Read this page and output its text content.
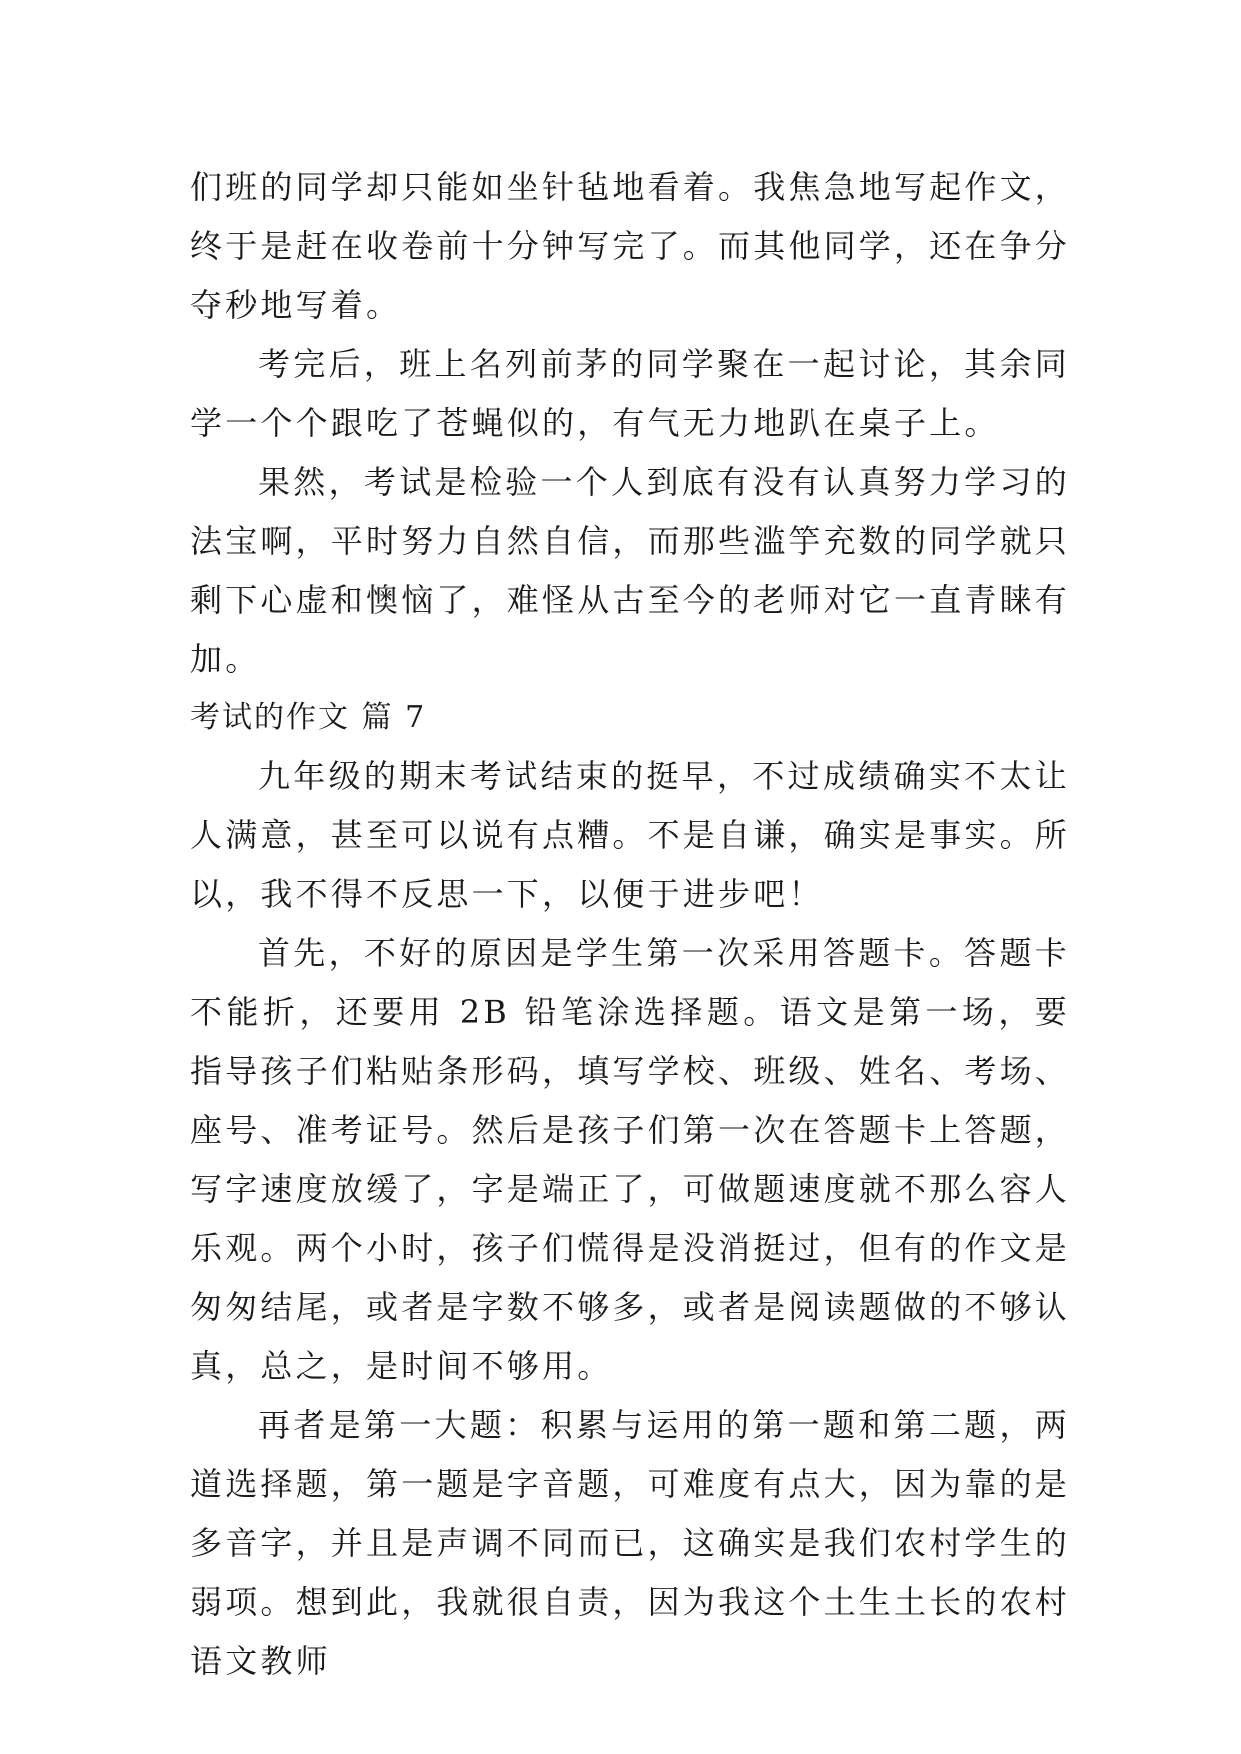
们班的同学却只能如坐针毡地看着。我焦急地写起作文，终于是赶在收卷前十分钟写完了。而其他同学，还在争分夺秒地写着。

考完后，班上名列前茅的同学聚在一起讨论，其余同学一个个跟吃了苍蝇似的，有气无力地趴在桌子上。

果然，考试是检验一个人到底有没有认真努力学习的法宝啊，平时努力自然自信，而那些滥竽充数的同学就只剩下心虚和懊恼了，难怪从古至今的老师对它一直青睐有加。

考试的作文 篇 7

九年级的期末考试结束的挺早，不过成绩确实不太让人满意，甚至可以说有点糟。不是自谦，确实是事实。所以，我不得不反思一下，以便于进步吧！

首先，不好的原因是学生第一次采用答题卡。答题卡不能折，还要用 2B 铅笔涂选择题。语文是第一场，要指导孩子们粘贴条形码，填写学校、班级、姓名、考场、座号、准考证号。然后是孩子们第一次在答题卡上答题，写字速度放缓了，字是端正了，可做题速度就不那么容人乐观。两个小时，孩子们慌得是没消挺过，但有的作文是匆匆结尾，或者是字数不够多，或者是阅读题做的不够认真，总之，是时间不够用。

再者是第一大题：积累与运用的第一题和第二题，两道选择题，第一题是字音题，可难度有点大，因为靠的是多音字，并且是声调不同而已，这确实是我们农村学生的弱项。想到此，我就很自责，因为我这个土生土长的农村语文教师
